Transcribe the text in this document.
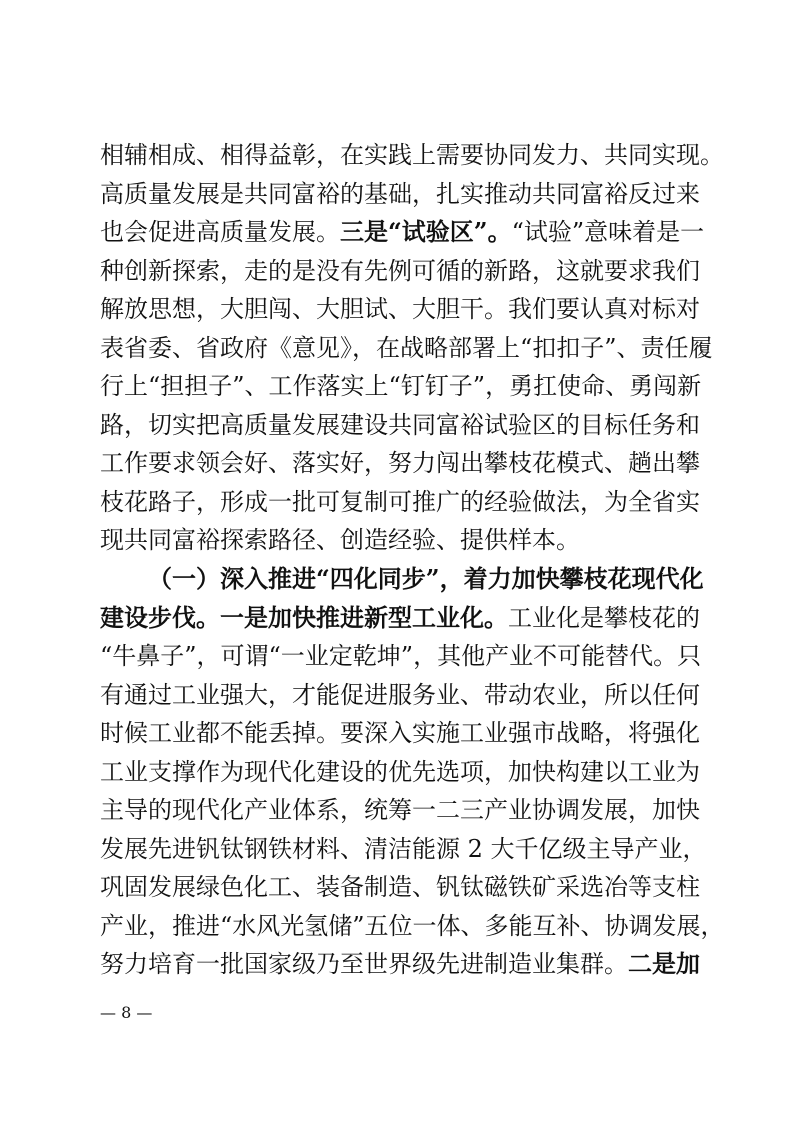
相辅相成、相得益彰，在实践上需要协同发力、共同实现。
高质量发展是共同富裕的基础，扎实推动共同富裕反过来
也会促进高质量发展。三是“试验区”。“试验”意味着是一
种创新探索，走的是没有先例可循的新路，这就要求我们
解放思想，大胆闯、大胆试、大胆干。我们要认真对标对
表省委、省政府《意见》，在战略部署上“扣扣子”、责任履
行上“担担子”、工作落实上“钉钉子”，勇扛使命、勇闯新
路，切实把高质量发展建设共同富裕试验区的目标任务和
工作要求领会好、落实好，努力闯出攀枝花模式、趟出攀
枝花路子，形成一批可复制可推广的经验做法，为全省实
现共同富裕探索路径、创造经验、提供样本。
（一）深入推进“四化同步”，着力加快攀枝花现代化
建设步伐。一是加快推进新型工业化。工业化是攀枝花的
“牛鼻子”，可谓“一业定乾坤”，其他产业不可能替代。只
有通过工业强大，才能促进服务业、带动农业，所以任何
时候工业都不能丢掉。要深入实施工业强市战略，将强化
工业支撑作为现代化建设的优先选项，加快构建以工业为
主导的现代化产业体系，统筹一二三产业协调发展，加快
发展先进钒钛钢铁材料、清洁能源 2 大千亿级主导产业，
巩固发展绿色化工、装备制造、钒钛磁铁矿采选冶等支柱
产业，推进“水风光氢储”五位一体、多能互补、协调发展，
努力培育一批国家级乃至世界级先进制造业集群。二是加
— 8 —
